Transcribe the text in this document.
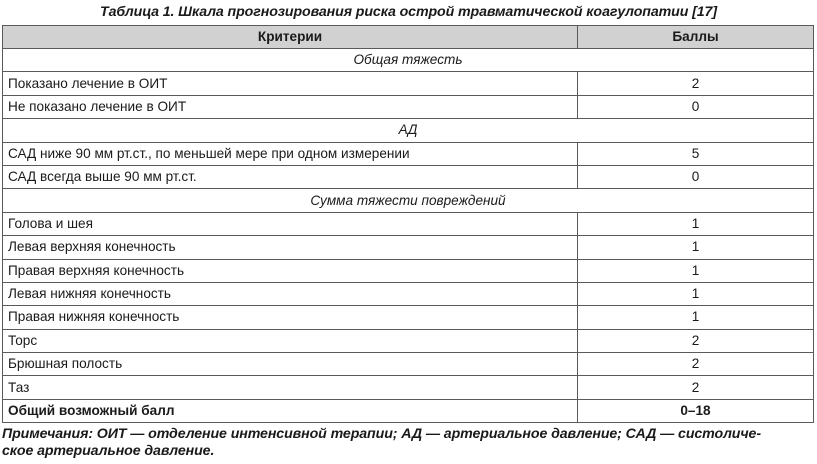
Таблица 1. Шкала прогнозирования риска острой травматической коагулопатии [17]
Критерии	Баллы
Общая тяжесть	
Показано лечение в ОИТ	2
Не показано лечение в ОИТ	0
АД	
САД ниже 90 мм рт.ст., по меньшей мере при одном измерении	5
САД всегда выше 90 мм рт.ст.	0
Сумма тяжести повреждений	
Голова и шея	1
Левая верхняя конечность	1
Правая верхняя конечность	1
Левая нижняя конечность	1
Правая нижняя конечность	1
Торс	2
Брюшная полость	2
Таз	2
Общий возможный балл	0–18
Примечания: ОИТ — отделение интенсивной терапии; АД — артериальное давление; САД — систоличе-
ское артериальное давление.
